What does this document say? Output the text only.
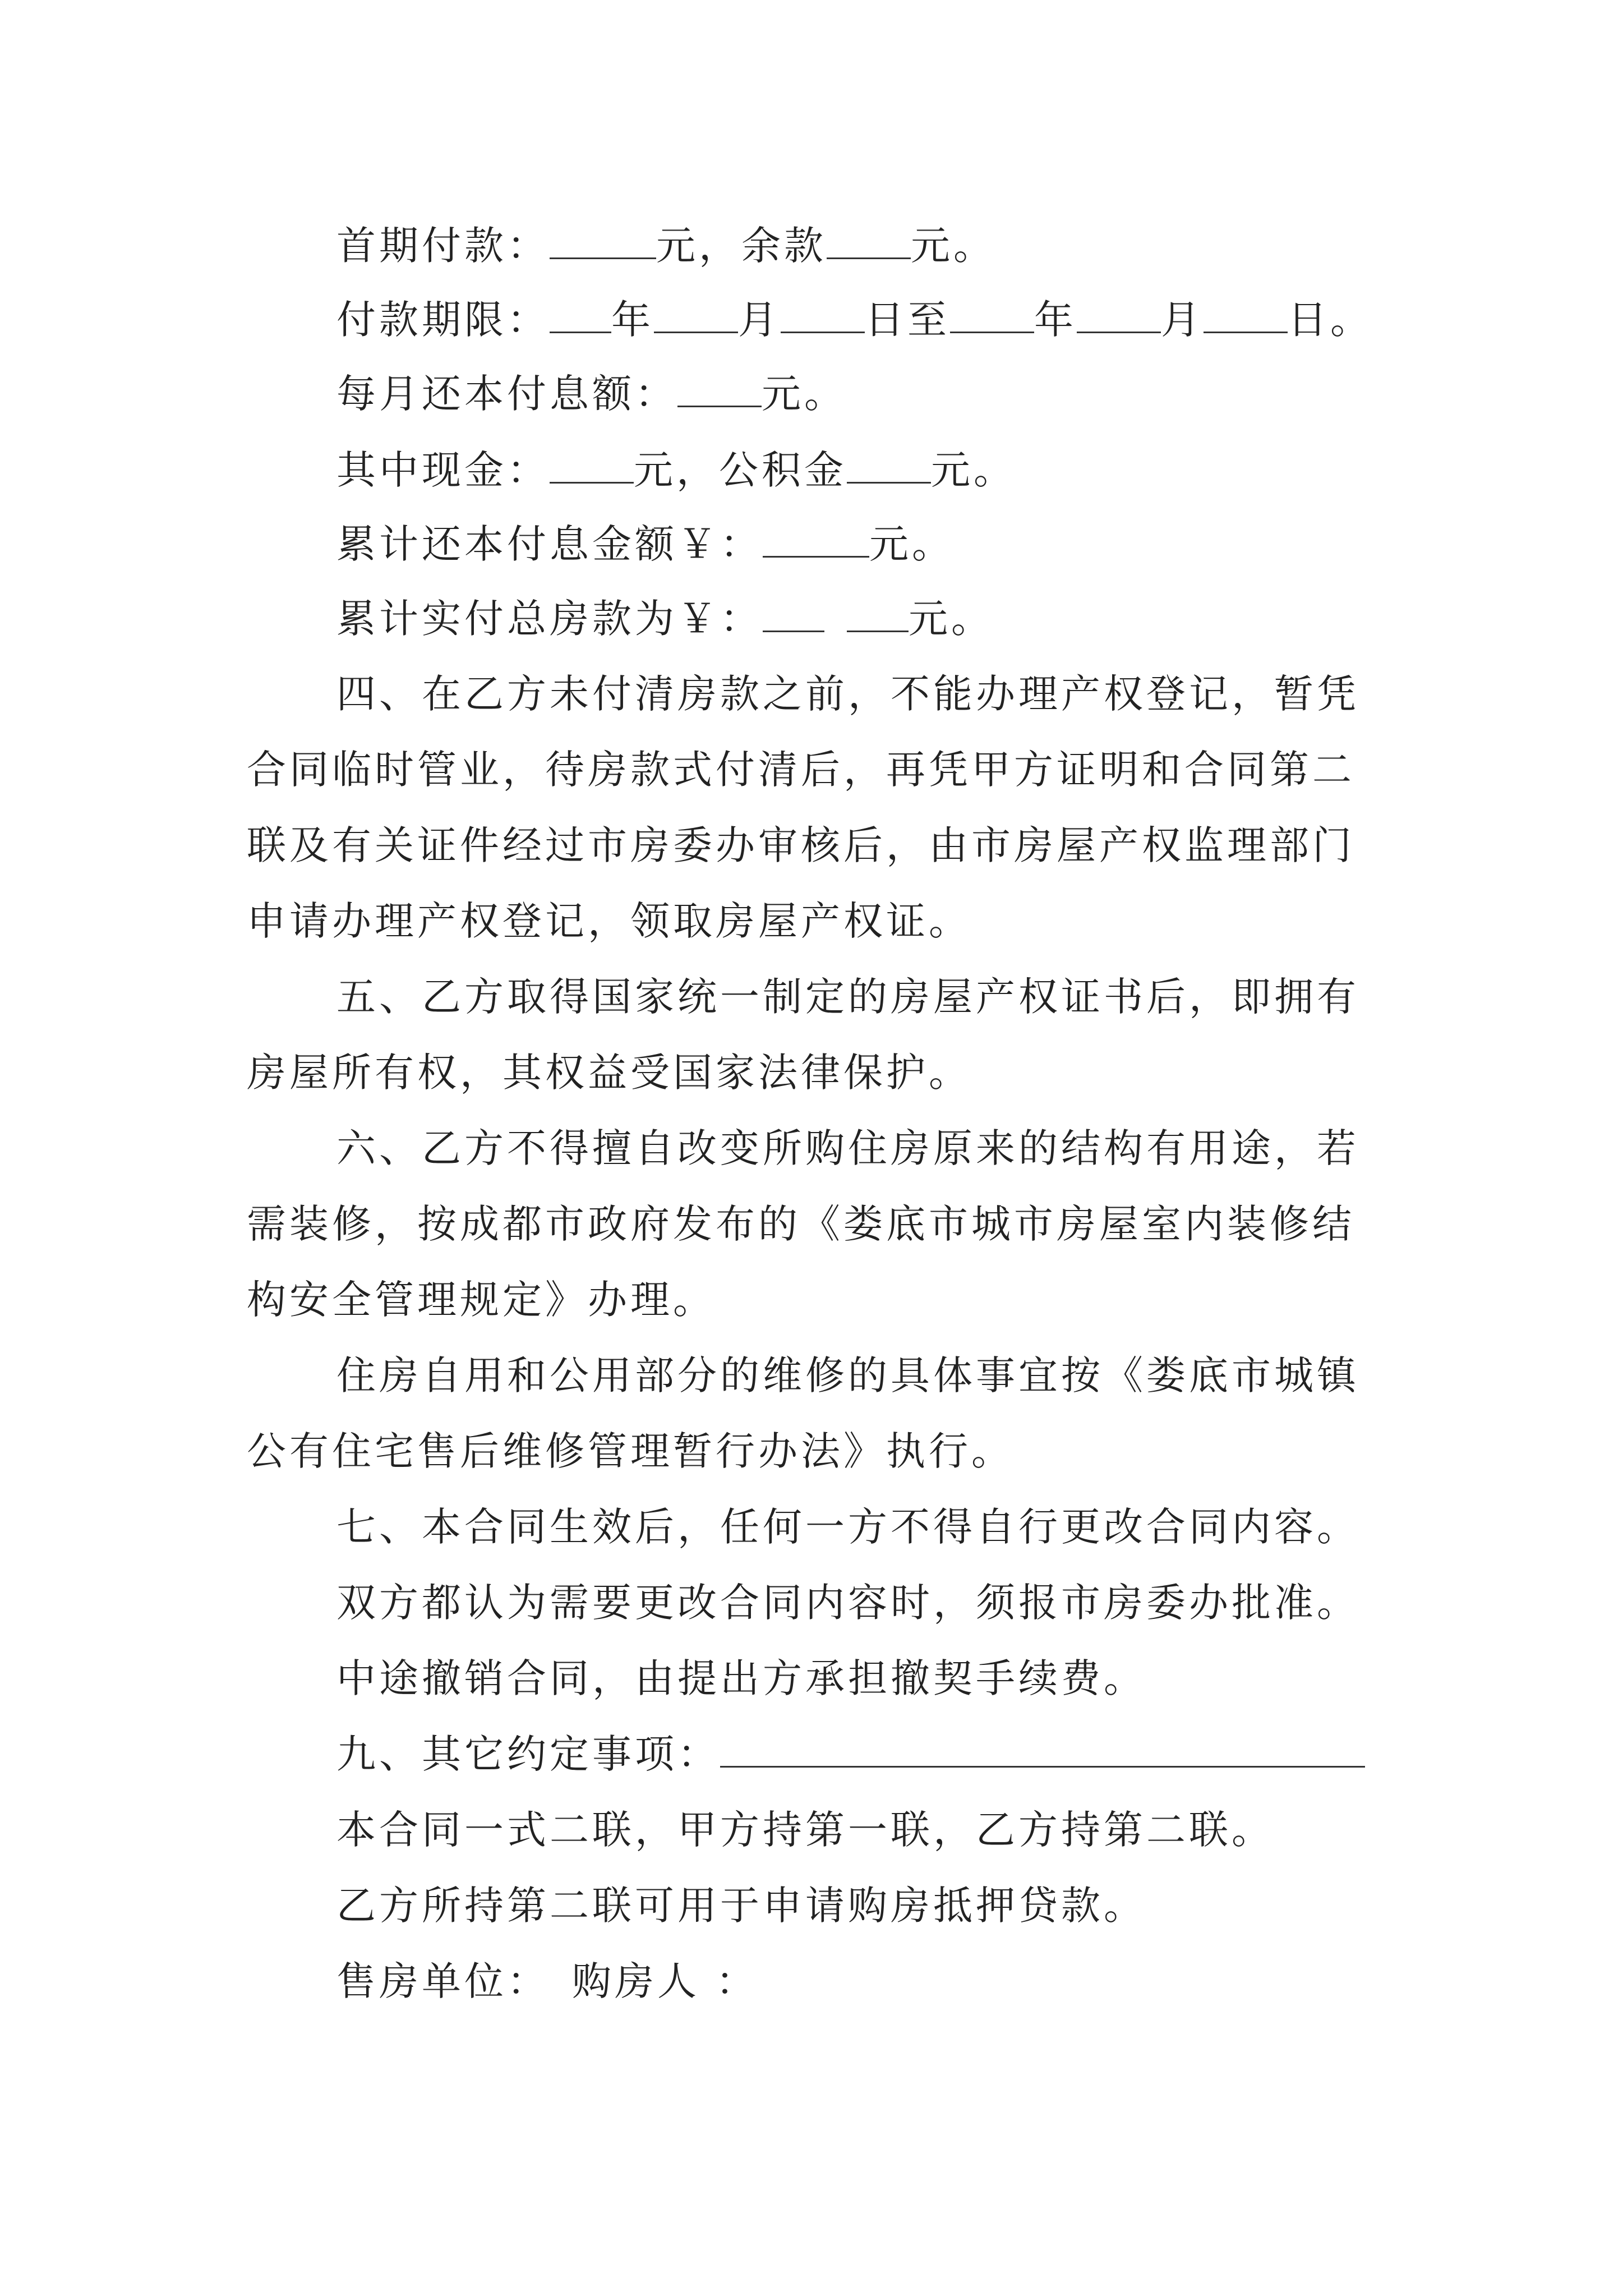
首期付款：	元，余款 元。
付款期限： 年 月 日至 年 月 日。
每月还本付息额： 元。
其中现金： 元，公积金 元。
累计还本付息金额￥：	元。
累计实付总房款为￥：	元。
四、在乙方未付清房款之前，不能办理产权登记，暂凭
合同临时管业，待房款式付清后，再凭甲方证明和合同第二
联及有关证件经过市房委办审核后，由市房屋产权监理部门
申请办理产权登记，领取房屋产权证。
五、乙方取得国家统一制定的房屋产权证书后，即拥有
房屋所有权，其权益受国家法律保护。
六、乙方不得擅自改变所购住房原来的结构有用途，若
需装修，按成都市政府发布的《娄底市城市房屋室内装修结
构安全管理规定》办理。
住房自用和公用部分的维修的具体事宜按《娄底市城镇
公有住宅售后维修管理暂行办法》执行。
七、本合同生效后，任何一方不得自行更改合同内容。
双方都认为需要更改合同内容时，须报市房委办批准。
中途撤销合同，由提出方承担撤契手续费。
九、其它约定事项：
本合同一式二联，甲方持第一联，乙方持第二联。
乙方所持第二联可用于申请购房抵押贷款。
售房单位： 购房人 ：
